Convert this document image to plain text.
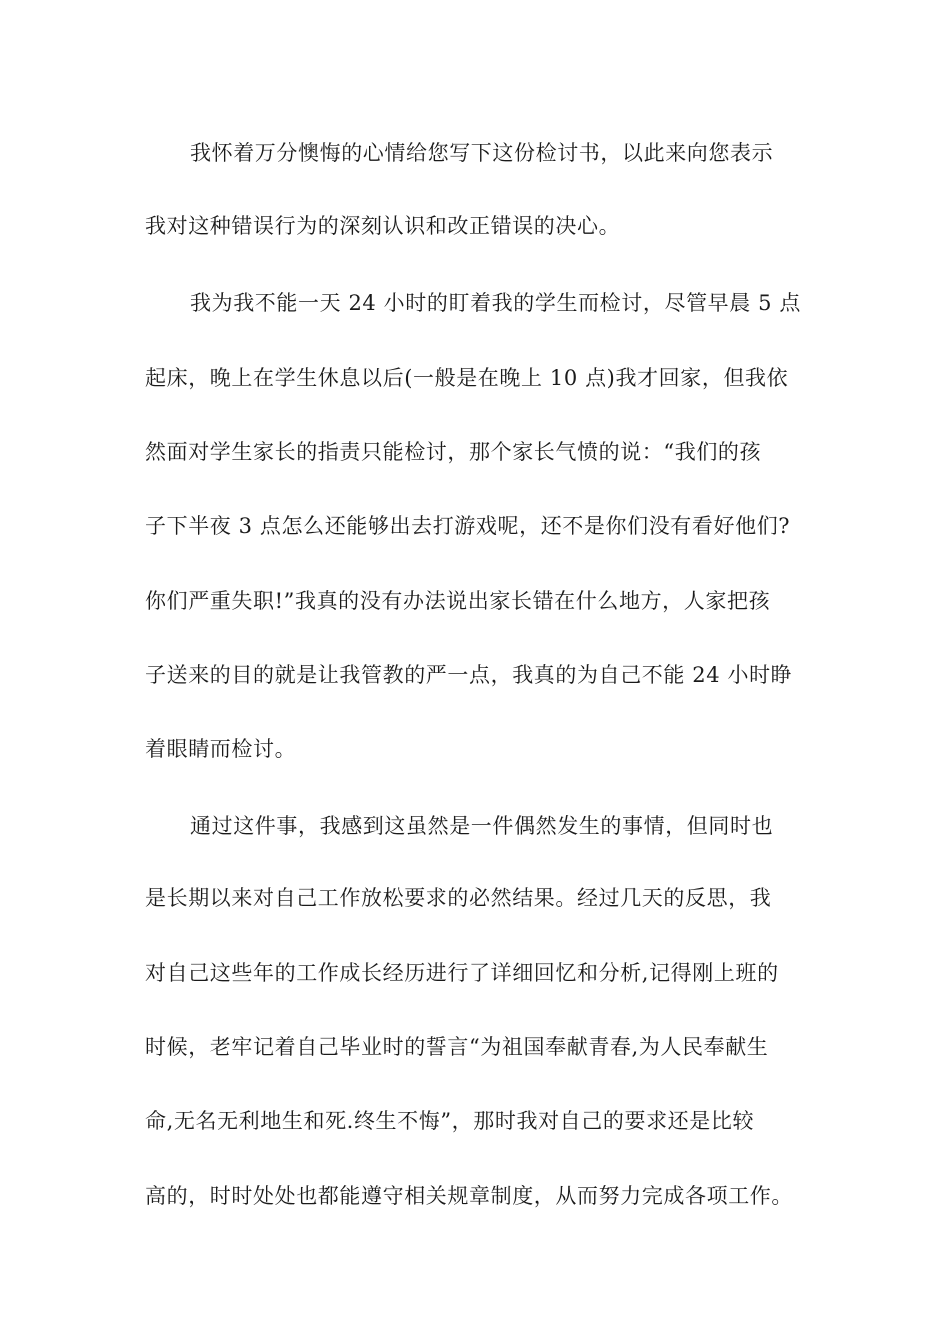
我怀着万分懊悔的心情给您写下这份检讨书，以此来向您表示
我对这种错误行为的深刻认识和改正错误的决心。
我为我不能一天 24 小时的盯着我的学生而检讨，尽管早晨 5 点
起床，晚上在学生休息以后(一般是在晚上 10 点)我才回家，但我依
然面对学生家长的指责只能检讨，那个家长气愤的说：“我们的孩
子下半夜 3 点怎么还能够出去打游戏呢，还不是你们没有看好他们?
你们严重失职!”我真的没有办法说出家长错在什么地方，人家把孩
子送来的目的就是让我管教的严一点，我真的为自己不能 24 小时睁
着眼睛而检讨。
通过这件事，我感到这虽然是一件偶然发生的事情，但同时也
是长期以来对自己工作放松要求的必然结果。经过几天的反思，我
对自己这些年的工作成长经历进行了详细回忆和分析,记得刚上班的
时候，老牢记着自己毕业时的誓言“为祖国奉献青春,为人民奉献生
命,无名无利地生和死.终生不悔”，那时我对自己的要求还是比较
高的，时时处处也都能遵守相关规章制度，从而努力完成各项工作。
